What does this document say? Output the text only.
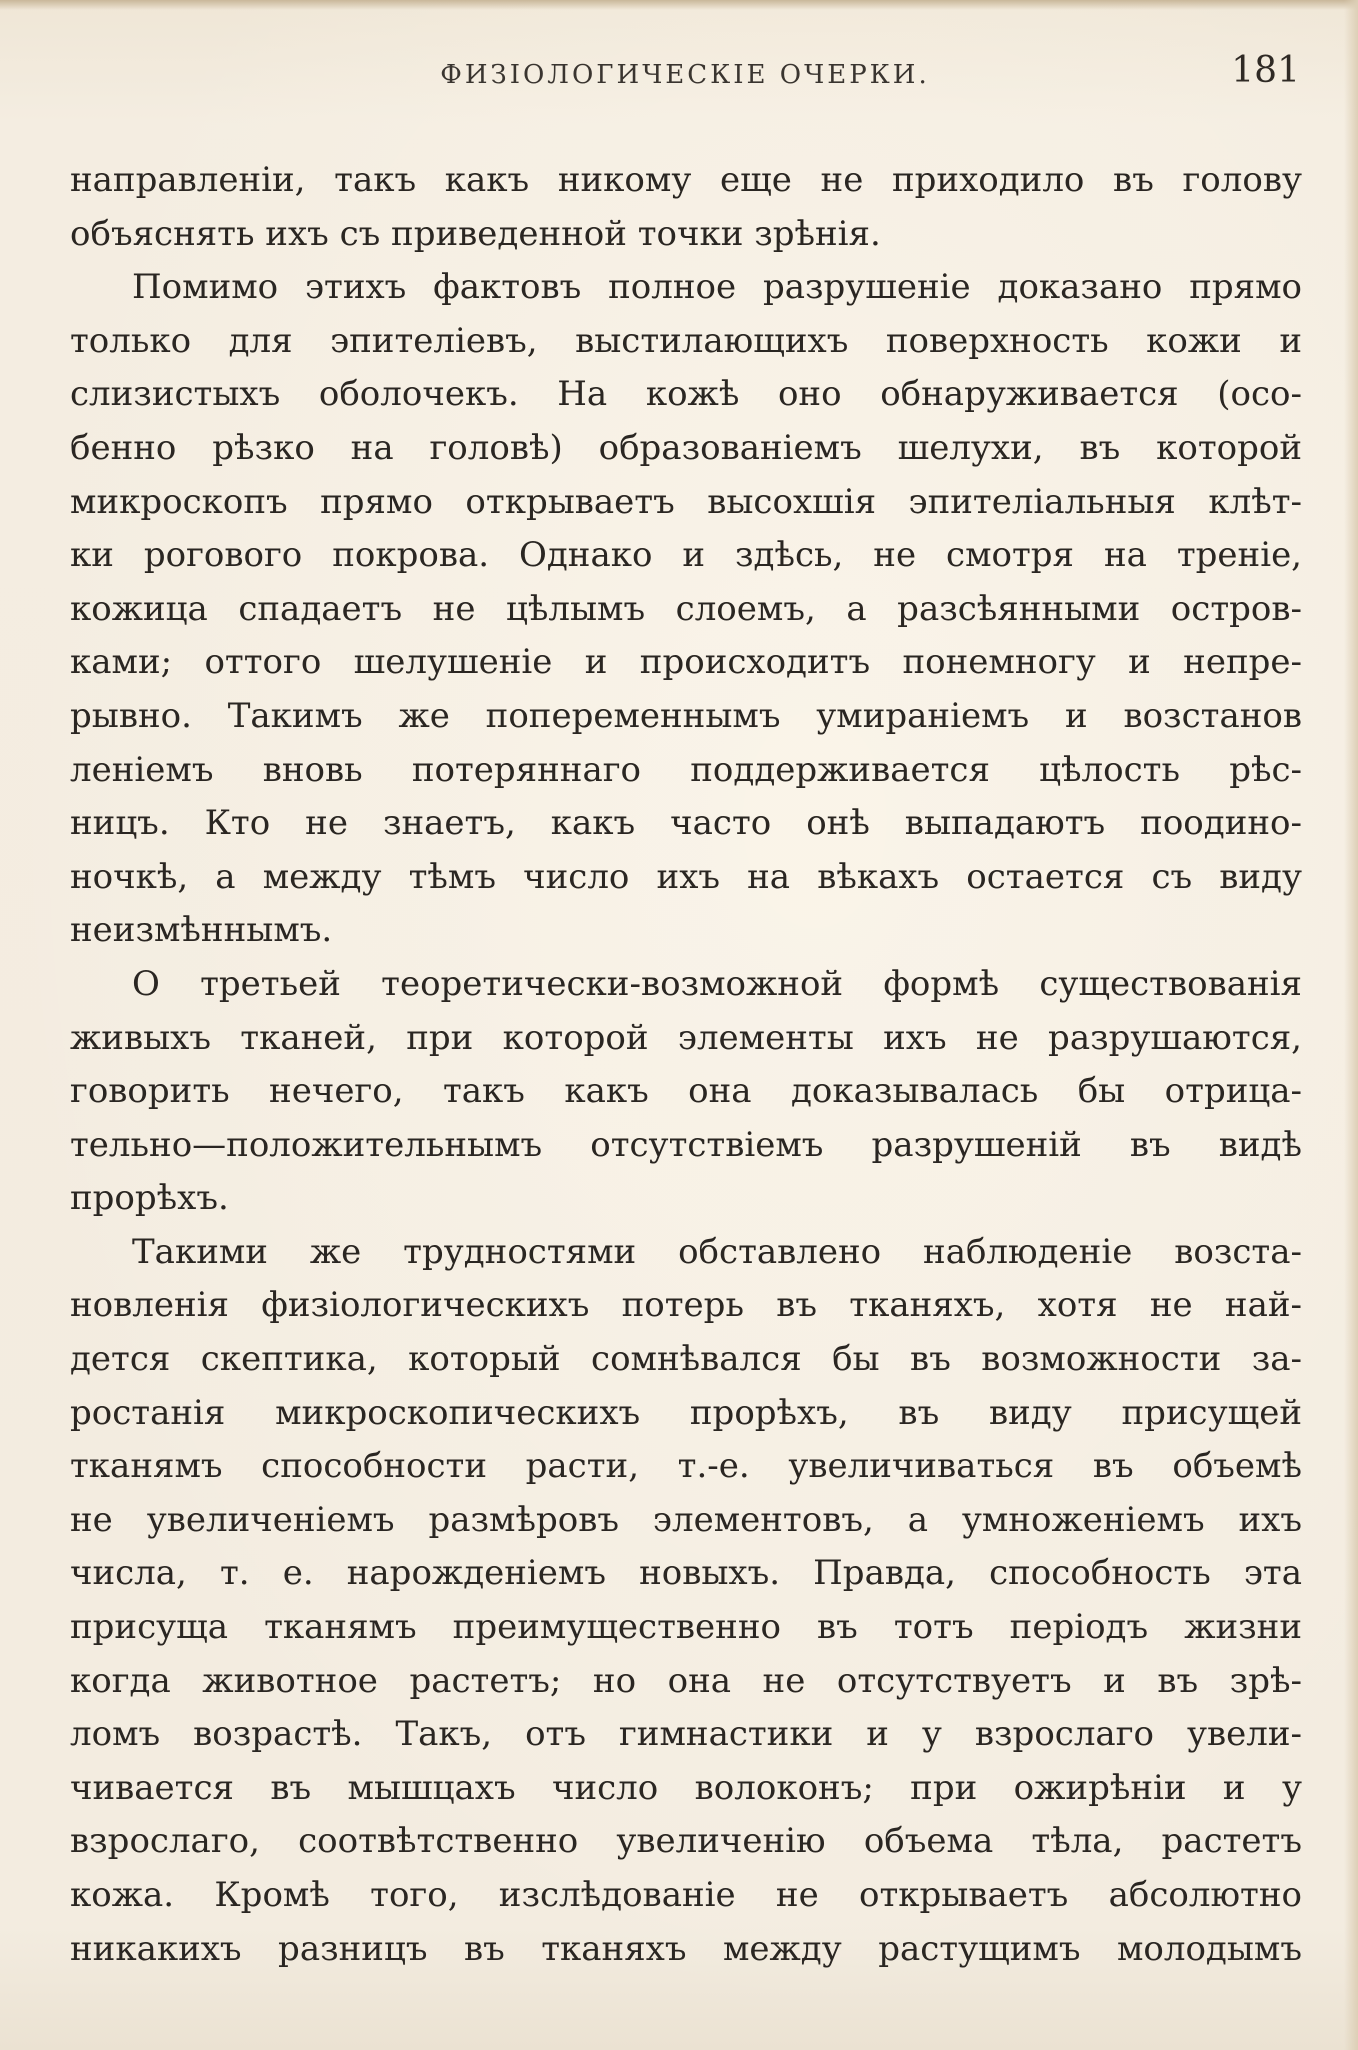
ФИЗІОЛОГИЧЕСКІЕ ОЧЕРКИ.	181
направленіи, такъ какъ никому еще не приходило въ голову
объяснять ихъ съ приведенной точки зрѣнія.
Помимо этихъ фактовъ полное разрушеніе доказано прямо
только для эпителіевъ, выстилающихъ поверхность кожи и
слизистыхъ оболочекъ. На кожѣ оно обнаруживается (осо-
бенно рѣзко на головѣ) образованіемъ шелухи, въ которой
микроскопъ прямо открываетъ высохшія эпителіальныя клѣт-
ки рогового покрова. Однако и здѣсь, не смотря на треніе,
кожица спадаетъ не цѣлымъ слоемъ, а разсѣянными остров-
ками; оттого шелушеніе и происходитъ понемногу и непре-
рывно. Такимъ же попеременнымъ умираніемъ и возстанов
леніемъ вновь потеряннаго поддерживается цѣлость рѣс-
ницъ. Кто не знаетъ, какъ часто онѣ выпадаютъ поодино-
ночкѣ, а между тѣмъ число ихъ на вѣкахъ остается съ виду
неизмѣннымъ.
О третьей теоретически-возможной формѣ существованія
живыхъ тканей, при которой элементы ихъ не разрушаются,
говорить нечего, такъ какъ она доказывалась бы отрица-
тельно—положительнымъ отсутствіемъ разрушеній въ видѣ
прорѣхъ.
Такими же трудностями обставлено наблюденіе возста-
новленія физіологическихъ потерь въ тканяхъ, хотя не най-
дется скептика, который сомнѣвался бы въ возможности за-
ростанія микроскопическихъ прорѣхъ, въ виду присущей
тканямъ способности расти, т.-е. увеличиваться въ объемѣ
не увеличеніемъ размѣровъ элементовъ, а умноженіемъ ихъ
числа, т. е. нарожденіемъ новыхъ. Правда, способность эта
присуща тканямъ преимущественно въ тотъ періодъ жизни
когда животное растетъ; но она не отсутствуетъ и въ зрѣ-
ломъ возрастѣ. Такъ, отъ гимнастики и у взрослаго увели-
чивается въ мышцахъ число волоконъ; при ожирѣніи и у
взрослаго, соотвѣтственно увеличенію объема тѣла, растетъ
кожа. Кромѣ того, изслѣдованіе не открываетъ абсолютно
никакихъ разницъ въ тканяхъ между растущимъ молодымъ
